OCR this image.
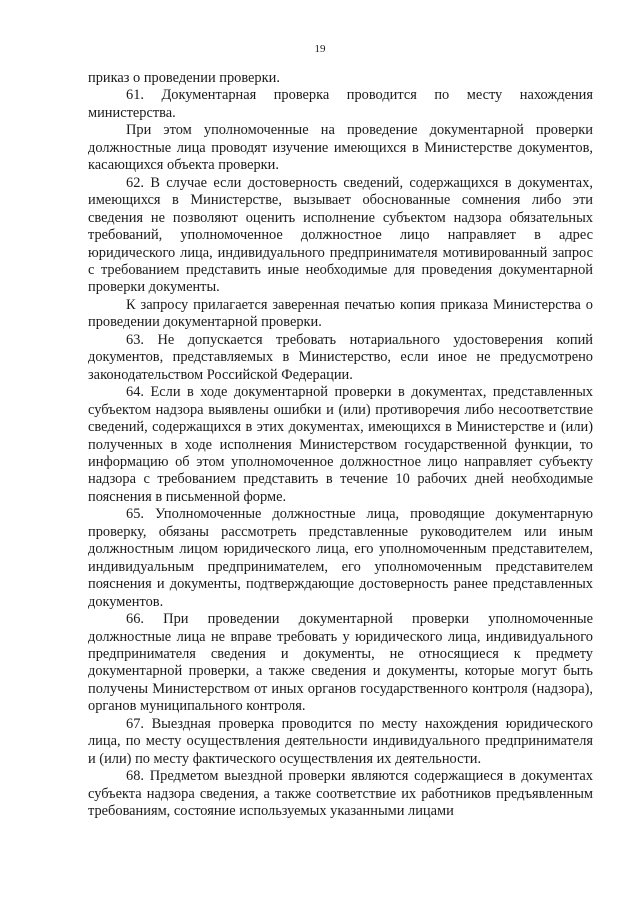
19

приказ о проведении проверки.

61. Документарная проверка проводится по месту нахождения министерства.

При этом уполномоченные на проведение документарной проверки должностные лица проводят изучение имеющихся в Министерстве документов, касающихся объекта проверки.

62. В случае если достоверность сведений, содержащихся в документах, имеющихся в Министерстве, вызывает обоснованные сомнения либо эти сведения не позволяют оценить исполнение субъектом надзора обязательных требований, уполномоченное должностное лицо направляет в адрес юридического лица, индивидуального предпринимателя мотивированный запрос с требованием представить иные необходимые для проведения документарной проверки документы.

К запросу прилагается заверенная печатью копия приказа Министерства о проведении документарной проверки.

63. Не допускается требовать нотариального удостоверения копий документов, представляемых в Министерство, если иное не предусмотрено законодательством Российской Федерации.

64. Если в ходе документарной проверки в документах, представленных субъектом надзора выявлены ошибки и (или) противоречия либо несоответствие сведений, содержащихся в этих документах, имеющихся в Министерстве и (или) полученных в ходе исполнения Министерством государственной функции, то информацию об этом уполномоченное должностное лицо направляет субъекту надзора с требованием представить в течение 10 рабочих дней необходимые пояснения в письменной форме.

65. Уполномоченные должностные лица, проводящие документарную проверку, обязаны рассмотреть представленные руководителем или иным должностным лицом юридического лица, его уполномоченным представителем, индивидуальным предпринимателем, его уполномоченным представителем пояснения и документы, подтверждающие достоверность ранее представленных документов.

66. При проведении документарной проверки уполномоченные должностные лица не вправе требовать у юридического лица, индивидуального предпринимателя сведения и документы, не относящиеся к предмету документарной проверки, а также сведения и документы, которые могут быть получены Министерством от иных органов государственного контроля (надзора), органов муниципального контроля.

67. Выездная проверка проводится по месту нахождения юридического лица, по месту осуществления деятельности индивидуального предпринимателя и (или) по месту фактического осуществления их деятельности.

68. Предметом выездной проверки являются содержащиеся в документах субъекта надзора сведения, а также соответствие их работников предъявленным требованиям, состояние используемых указанными лицами
